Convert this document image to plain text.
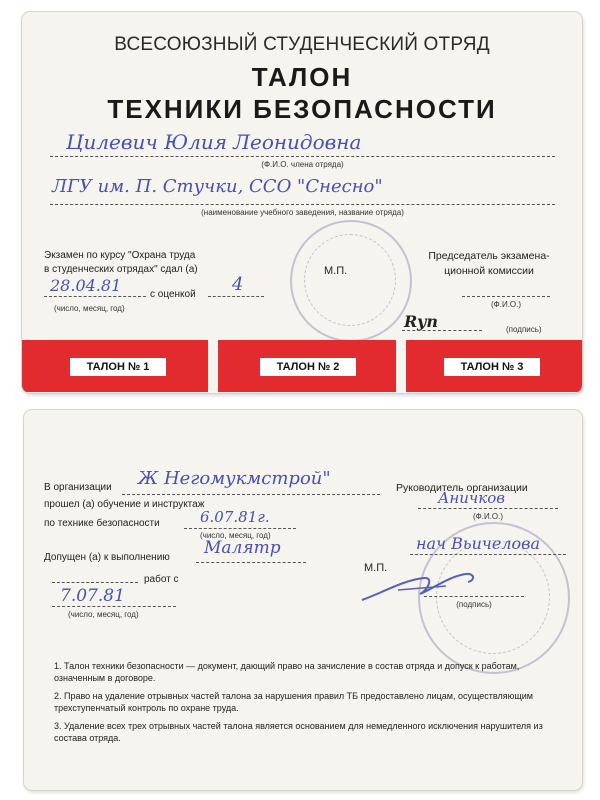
ВСЕСОЮЗНЫЙ СТУДЕНЧЕСКИЙ ОТРЯД
ТАЛОН
ТЕХНИКИ БЕЗОПАСНОСТИ
Цилевич Юлия Леонидовна
(Ф.И.О. члена отряда)
ЛГУ им. П. Стучки, ССО "Снесно"
(наименование учебного заведения, название отряда)
Экзамен по курсу "Охрана труда
в студенческих отрядах" сдал (а)
28.04.81	с оценкой 4
(число, месяц, год)
М.П.
Председатель экзамена-
ционной комиссии
(Ф.И.О.)
Ryn	(подпись)
ТАЛОН № 1	ТАЛОН № 2	ТАЛОН № 3
В организации Ж Негомукмстрой"
прошел (а) обучение и инструктаж
по технике безопасности	6.07.81г.
(число, месяц, год)
Допущен (а) к выполнению Малятр
работ с
7.07.81
(число, месяц, год)
Руководитель организации
Аничков
(Ф.И.О.)
нач Вьичелова
М.П.
(подпись)
1. Талон техники безопасности — документ, дающий право на зачисление в состав отряда и допуск к работам, означенным в договоре.
2. Право на удаление отрывных частей талона за нарушения правил ТБ предоставлено лицам, осуществляющим трехступенчатый контроль по охране труда.
3. Удаление всех трех отрывных частей талона является основанием для немедленного исключения нарушителя из состава отряда.
